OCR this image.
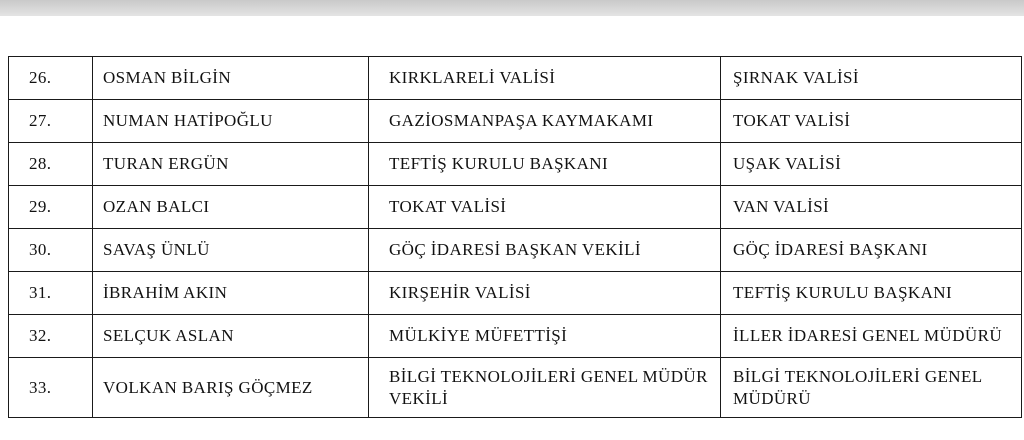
26.	OSMAN BİLGİN	KIRKLARELİ VALİSİ	ŞIRNAK VALİSİ
27.	NUMAN HATİPOĞLU	GAZİOSMANPAŞA KAYMAKAMI	TOKAT VALİSİ
28.	TURAN ERGÜN	TEFTİŞ KURULU BAŞKANI	UŞAK VALİSİ
29.	OZAN BALCI	TOKAT VALİSİ	VAN VALİSİ
30.	SAVAŞ ÜNLÜ	GÖÇ İDARESİ BAŞKAN VEKİLİ	GÖÇ İDARESİ BAŞKANI
31.	İBRAHİM AKIN	KIRŞEHİR VALİSİ	TEFTİŞ KURULU BAŞKANI
32.	SELÇUK ASLAN	MÜLKİYE MÜFETTİŞİ	İLLER İDARESİ GENEL MÜDÜRÜ
33.	VOLKAN BARIŞ GÖÇMEZ	BİLGİ TEKNOLOJİLERİ GENEL MÜDÜR VEKİLİ	BİLGİ TEKNOLOJİLERİ GENEL MÜDÜRÜ
